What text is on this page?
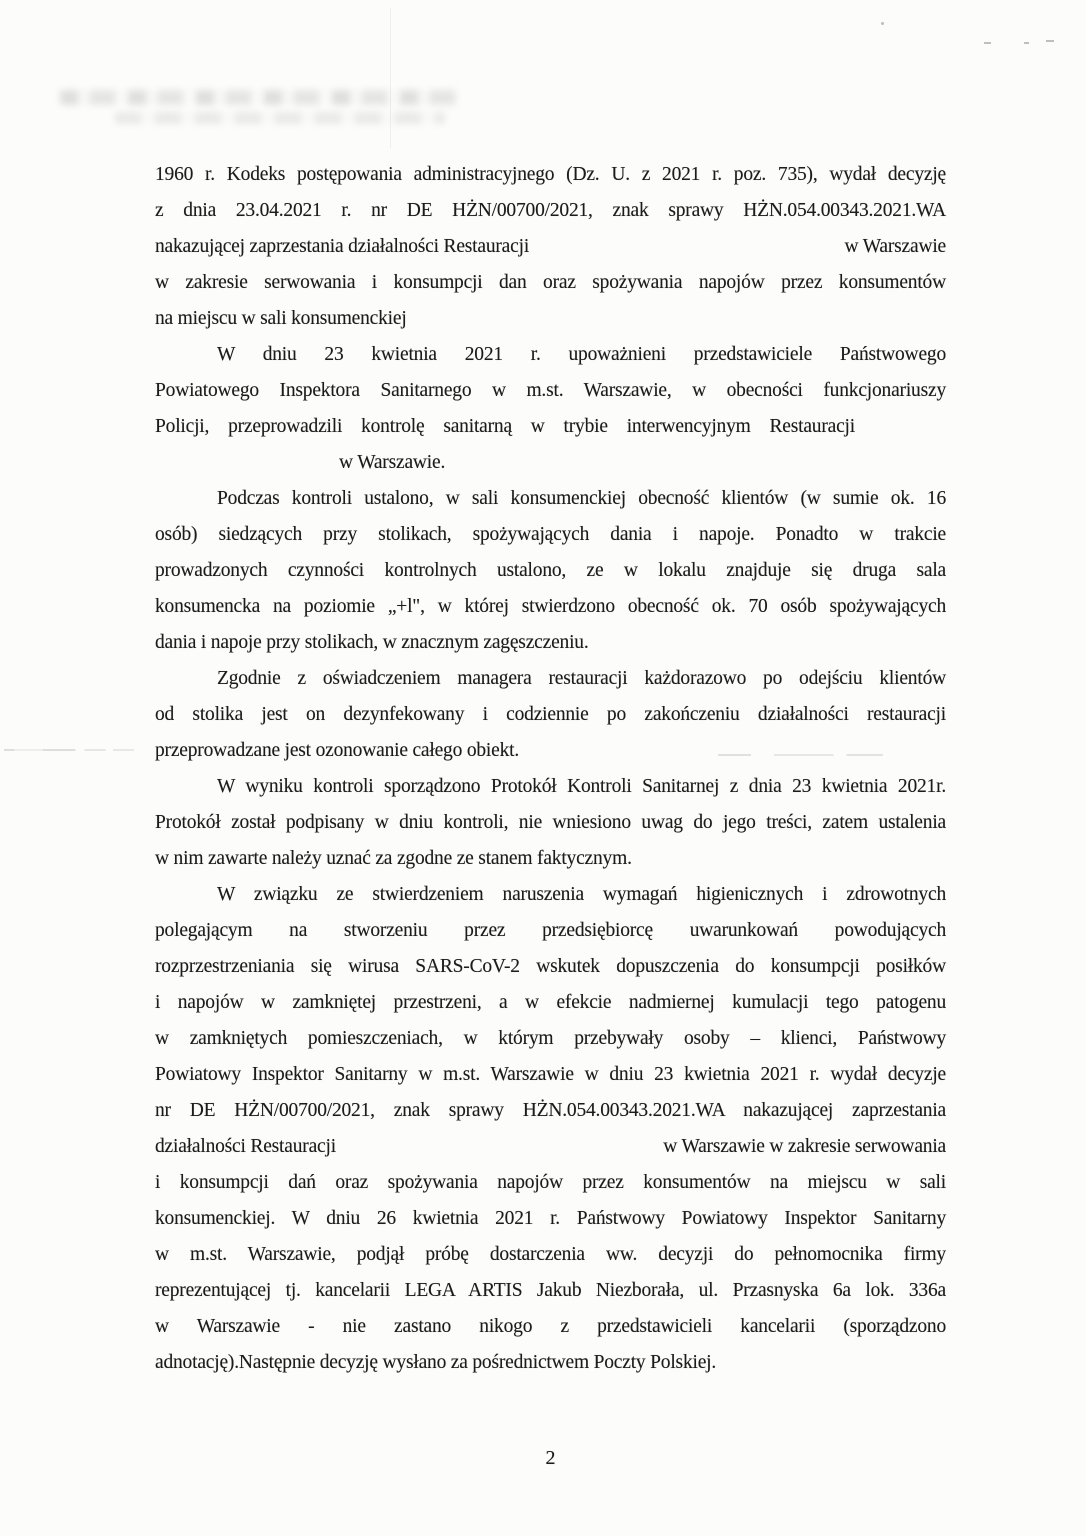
1960 r. Kodeks postępowania administracyjnego (Dz. U. z 2021 r. poz. 735), wydał decyzję
z dnia 23.04.2021 r. nr DE HŻN/00700/2021, znak sprawy HŻN.054.00343.2021.WA
nakazującej zaprzestania działalności Restauracji	w Warszawie
w zakresie serwowania i konsumpcji dan oraz spożywania napojów przez konsumentów
na miejscu w sali konsumenckiej
W dniu 23 kwietnia 2021 r. upoważnieni przedstawiciele Państwowego
Powiatowego Inspektora Sanitarnego w m.st. Warszawie, w obecności funkcjonariuszy
Policji, przeprowadzili kontrolę sanitarną w trybie interwencyjnym Restauracji
w Warszawie.
Podczas kontroli ustalono, w sali konsumenckiej obecność klientów (w sumie ok. 16
osób) siedzących przy stolikach, spożywających dania i napoje. Ponadto w trakcie
prowadzonych czynności kontrolnych ustalono, ze w lokalu znajduje się druga sala
konsumencka na poziomie „+l", w której stwierdzono obecność ok. 70 osób spożywających
dania i napoje przy stolikach, w znacznym zagęszczeniu.
Zgodnie z oświadczeniem managera restauracji każdorazowo po odejściu klientów
od stolika jest on dezynfekowany i codziennie po zakończeniu działalności restauracji
przeprowadzane jest ozonowanie całego obiekt.
W wyniku kontroli sporządzono Protokół Kontroli Sanitarnej z dnia 23 kwietnia 2021r.
Protokół został podpisany w dniu kontroli, nie wniesiono uwag do jego treści, zatem ustalenia
w nim zawarte należy uznać za zgodne ze stanem faktycznym.
W związku ze stwierdzeniem naruszenia wymagań higienicznych i zdrowotnych
polegającym na stworzeniu przez przedsiębiorcę uwarunkowań powodujących
rozprzestrzeniania się wirusa SARS-CoV-2 wskutek dopuszczenia do konsumpcji posiłków
i napojów w zamkniętej przestrzeni, a w efekcie nadmiernej kumulacji tego patogenu
w zamkniętych pomieszczeniach, w którym przebywały osoby – klienci, Państwowy
Powiatowy Inspektor Sanitarny w m.st. Warszawie w dniu 23 kwietnia 2021 r. wydał decyzje
nr DE HŻN/00700/2021, znak sprawy HŻN.054.00343.2021.WA nakazującej zaprzestania
działalności Restauracji	w Warszawie w zakresie serwowania
i konsumpcji dań oraz spożywania napojów przez konsumentów na miejscu w sali
konsumenckiej. W dniu 26 kwietnia 2021 r. Państwowy Powiatowy Inspektor Sanitarny
w m.st. Warszawie, podjął próbę dostarczenia ww. decyzji do pełnomocnika firmy
reprezentującej tj. kancelarii LEGA ARTIS Jakub Niezborała, ul. Przasnyska 6a lok. 336a
w Warszawie - nie zastano nikogo z przedstawicieli kancelarii (sporządzono
adnotację).Następnie decyzję wysłano za pośrednictwem Poczty Polskiej.
2
